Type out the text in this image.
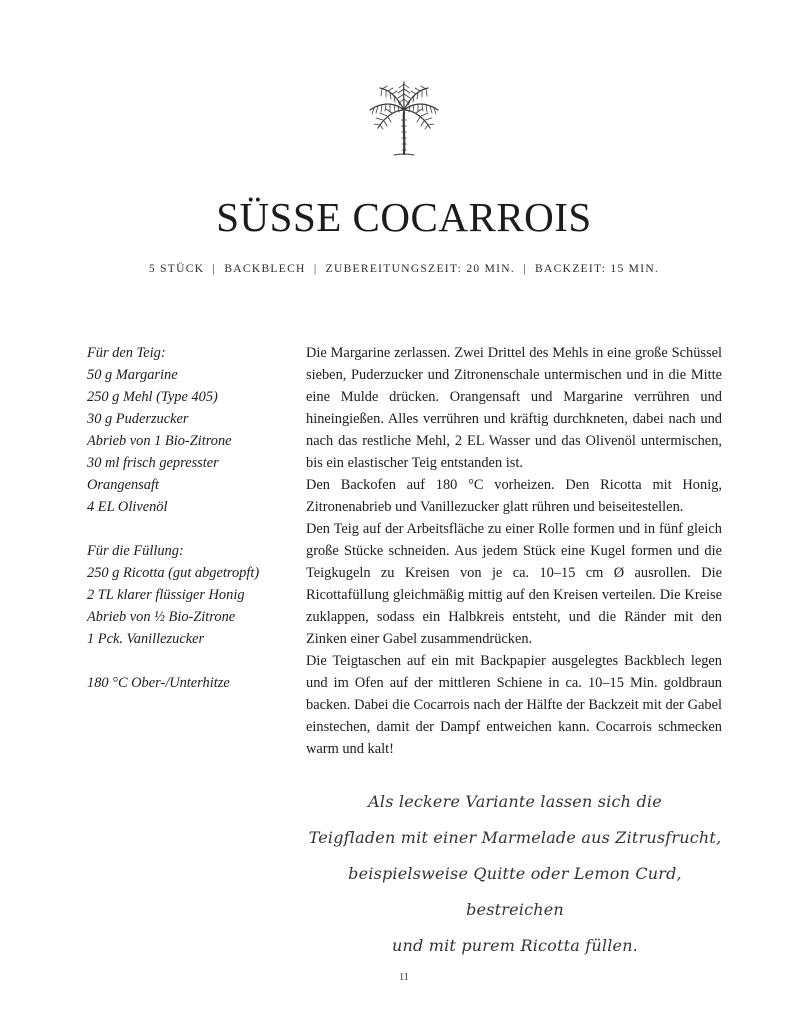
SÜSSE COCARROIS
5 STÜCK | BACKBLECH | ZUBEREITUNGSZEIT: 20 MIN. | BACKZEIT: 15 MIN.
Für den Teig:
50 g Margarine
250 g Mehl (Type 405)
30 g Puderzucker
Abrieb von 1 Bio-Zitrone
30 ml frisch gepresster
Orangensaft
4 EL Olivenöl
Für die Füllung:
250 g Ricotta (gut abgetropft)
2 TL klarer flüssiger Honig
Abrieb von ½ Bio-Zitrone
1 Pck. Vanillezucker
180 °C Ober-/Unterhitze

Die Margarine zerlassen. Zwei Drittel des Mehls in eine große Schüssel sieben, Puderzucker und Zitronenschale untermischen und in die Mitte eine Mulde drücken. Orangensaft und Margarine verrühren und hineingießen. Alles verrühren und kräftig durchkneten, dabei nach und nach das restliche Mehl, 2 EL Wasser und das Olivenöl untermischen, bis ein elastischer Teig entstanden ist.

Den Backofen auf 180 °C vorheizen. Den Ricotta mit Honig, Zitronenabrieb und Vanillezucker glatt rühren und beiseitestellen.

Den Teig auf der Arbeitsfläche zu einer Rolle formen und in fünf gleich große Stücke schneiden. Aus jedem Stück eine Kugel formen und die Teigkugeln zu Kreisen von je ca. 10–15 cm Ø ausrollen. Die Ricottafüllung gleichmäßig mittig auf den Kreisen verteilen. Die Kreise zuklappen, sodass ein Halbkreis entsteht, und die Ränder mit den Zinken einer Gabel zusammendrücken.

Die Teigtaschen auf ein mit Backpapier ausgelegtes Backblech legen und im Ofen auf der mittleren Schiene in ca. 10–15 Min. goldbraun backen. Dabei die Cocarrois nach der Hälfte der Backzeit mit der Gabel einstechen, damit der Dampf entweichen kann. Cocarrois schmecken warm und kalt!

Als leckere Variante lassen sich die
Teigfladen mit einer Marmelade aus Zitrusfrucht,
beispielsweise Quitte oder Lemon Curd, bestreichen
und mit purem Ricotta füllen.
11
